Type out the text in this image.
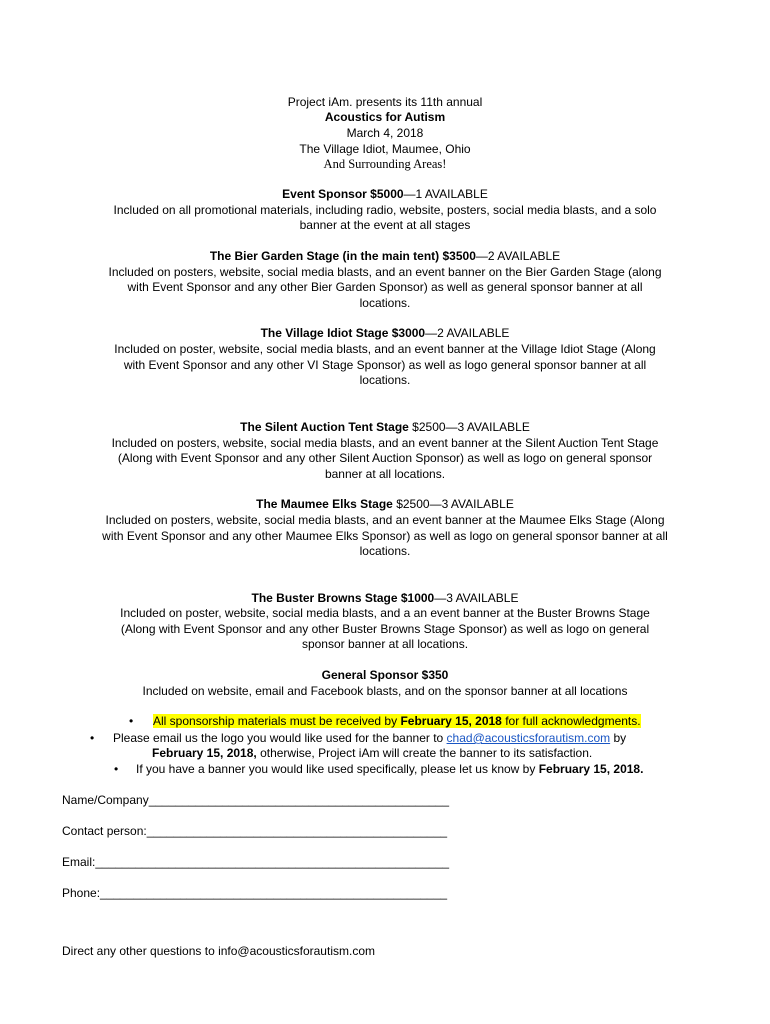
Project iAm. presents its 11th annual
Acoustics for Autism
March 4, 2018
The Village Idiot, Maumee, Ohio
And Surrounding Areas!
Event Sponsor $5000—1 AVAILABLE
Included on all promotional materials, including radio, website, posters, social media blasts, and a solo
banner at the event at all stages
The Bier Garden Stage (in the main tent) $3500—2 AVAILABLE
Included on posters, website, social media blasts, and an event banner on the Bier Garden Stage (along
with Event Sponsor and any other Bier Garden Sponsor) as well as general sponsor banner at all
locations.
The Village Idiot Stage $3000—2 AVAILABLE
Included on poster, website, social media blasts, and an event banner at the Village Idiot Stage (Along
with Event Sponsor and any other VI Stage Sponsor) as well as logo general sponsor banner at all
locations.
The Silent Auction Tent Stage $2500—3 AVAILABLE
Included on posters, website, social media blasts, and an event banner at the Silent Auction Tent Stage
(Along with Event Sponsor and any other Silent Auction Sponsor) as well as logo on general sponsor
banner at all locations.
The Maumee Elks Stage $2500—3 AVAILABLE
Included on posters, website, social media blasts, and an event banner at the Maumee Elks Stage (Along
with Event Sponsor and any other Maumee Elks Sponsor) as well as logo on general sponsor banner at all
locations.
The Buster Browns Stage $1000—3 AVAILABLE
Included on poster, website, social media blasts, and a an event banner at the Buster Browns Stage
(Along with Event Sponsor and any other Buster Browns Stage Sponsor) as well as logo on general
sponsor banner at all locations.
General Sponsor $350
Included on website, email and Facebook blasts, and on the sponsor banner at all locations
• All sponsorship materials must be received by February 15, 2018 for full acknowledgments.
• Please email us the logo you would like used for the banner to chad@acousticsforautism.com by
February 15, 2018, otherwise, Project iAm will create the banner to its satisfaction.
• If you have a banner you would like used specifically, please let us know by February 15, 2018.
Name/Company_____________________________________________
Contact person:_____________________________________________
Email:_____________________________________________________
Phone:____________________________________________________
Direct any other questions to info@acousticsforautism.com
